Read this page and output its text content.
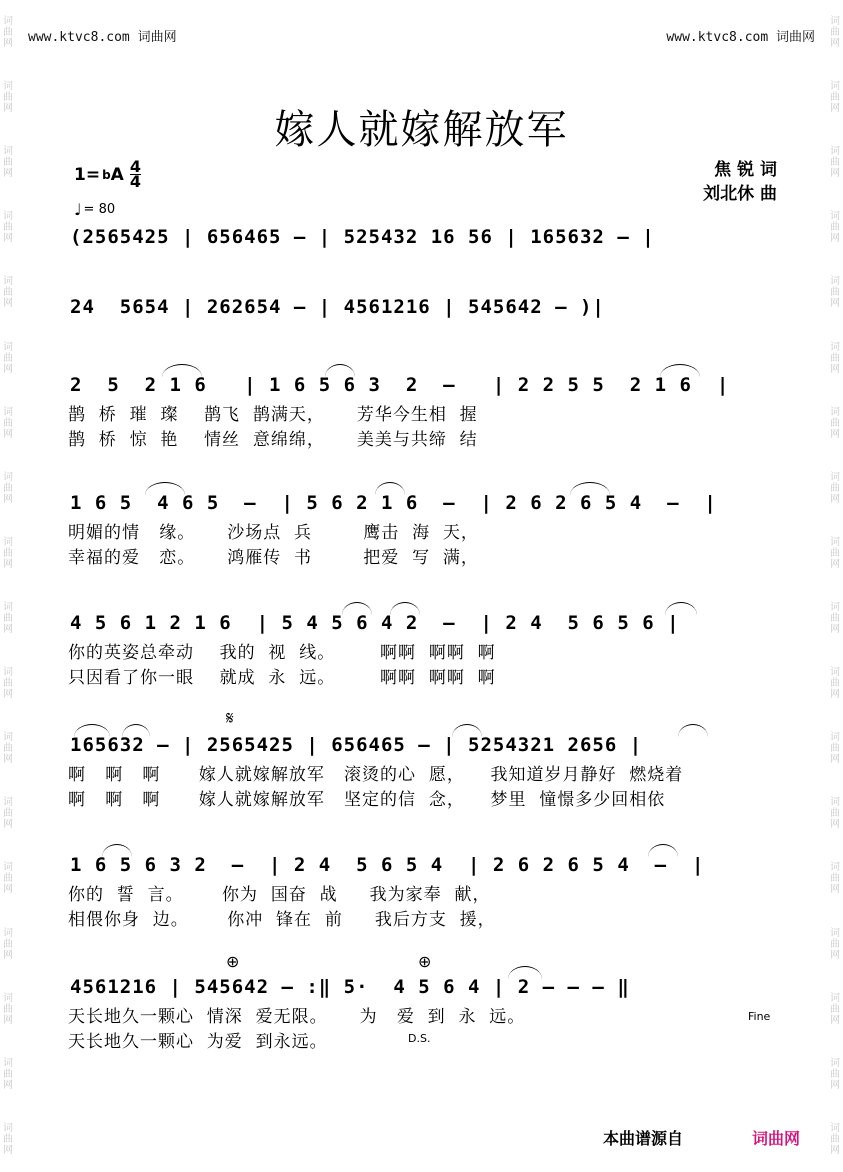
词曲网
词曲网
词曲网
词曲网
词曲网
词曲网
词曲网
词曲网
词曲网
词曲网
词曲网
词曲网
词曲网
词曲网
词曲网
词曲网
词曲网
词曲网
词曲网
词曲网
词曲网
词曲网
词曲网
词曲网
词曲网
词曲网
词曲网
词曲网
词曲网
词曲网
词曲网
词曲网
词曲网
词曲网
词曲网
词曲网
www.ktvc8.com 词曲网	www.ktvc8.com 词曲网
嫁人就嫁解放军
1= b A $\frac{4}{4}$
♩ = 80
焦 锐 词
刘北休 曲

(2565425 | 656465 – | 525432 16 56 | 165632 – |

24  5654 | 262654 – | 4561216 | 545642 – )|

2  5  2 1 6   | 1 6 5 6 3  2  –   | 2 2 5 5  2 1 6  |

鹊  桥  璀  璨    鹊飞  鹊满天，     芳华今生相  握
鹊  桥  惊  艳    情丝  意绵绵，     美美与共缔  结

1 6 5  4 6 5  –  | 5 6 2 1 6  –  | 2 6 2 6 5 4  –  |

明媚的情   缘。     沙场点  兵        鹰击  海  天，
幸福的爱   恋。     鸿雁传  书        把爱  写  满，

4 5 6 1 2 1 6  | 5 4 5 6 4 2  –  | 2 4  5 6 5 6 |

你的英姿总牵动    我的  视  线。       啊啊  啊啊  啊
只因看了你一眼    就成  永  远。       啊啊  啊啊  啊
𝄋

165632 – | 2565425 | 656465 – | 5254321 2656 |

啊   啊   啊      嫁人就嫁解放军   滚烫的心  愿，    我知道岁月静好  燃烧着
啊   啊   啊      嫁人就嫁解放军   坚定的信  念，    梦里  憧憬多少回相依

1 6 5 6 3 2  –  | 2 4  5 6 5 4  | 2 6 2 6 5 4  –  |

你的  誓  言。      你为  国奋  战     我为家奉  献，
相偎你身  边。      你冲  锋在  前     我后方支  援，
⊕	⊕

4561216 | 545642 – :‖ 5·  4 5 6 4 | 2 – – – ‖

天长地久一颗心  情深  爱无限。     为   爱  到  永  远。
天长地久一颗心  为爱  到永远。	D.S.
Fine
本曲谱源自	词曲网
